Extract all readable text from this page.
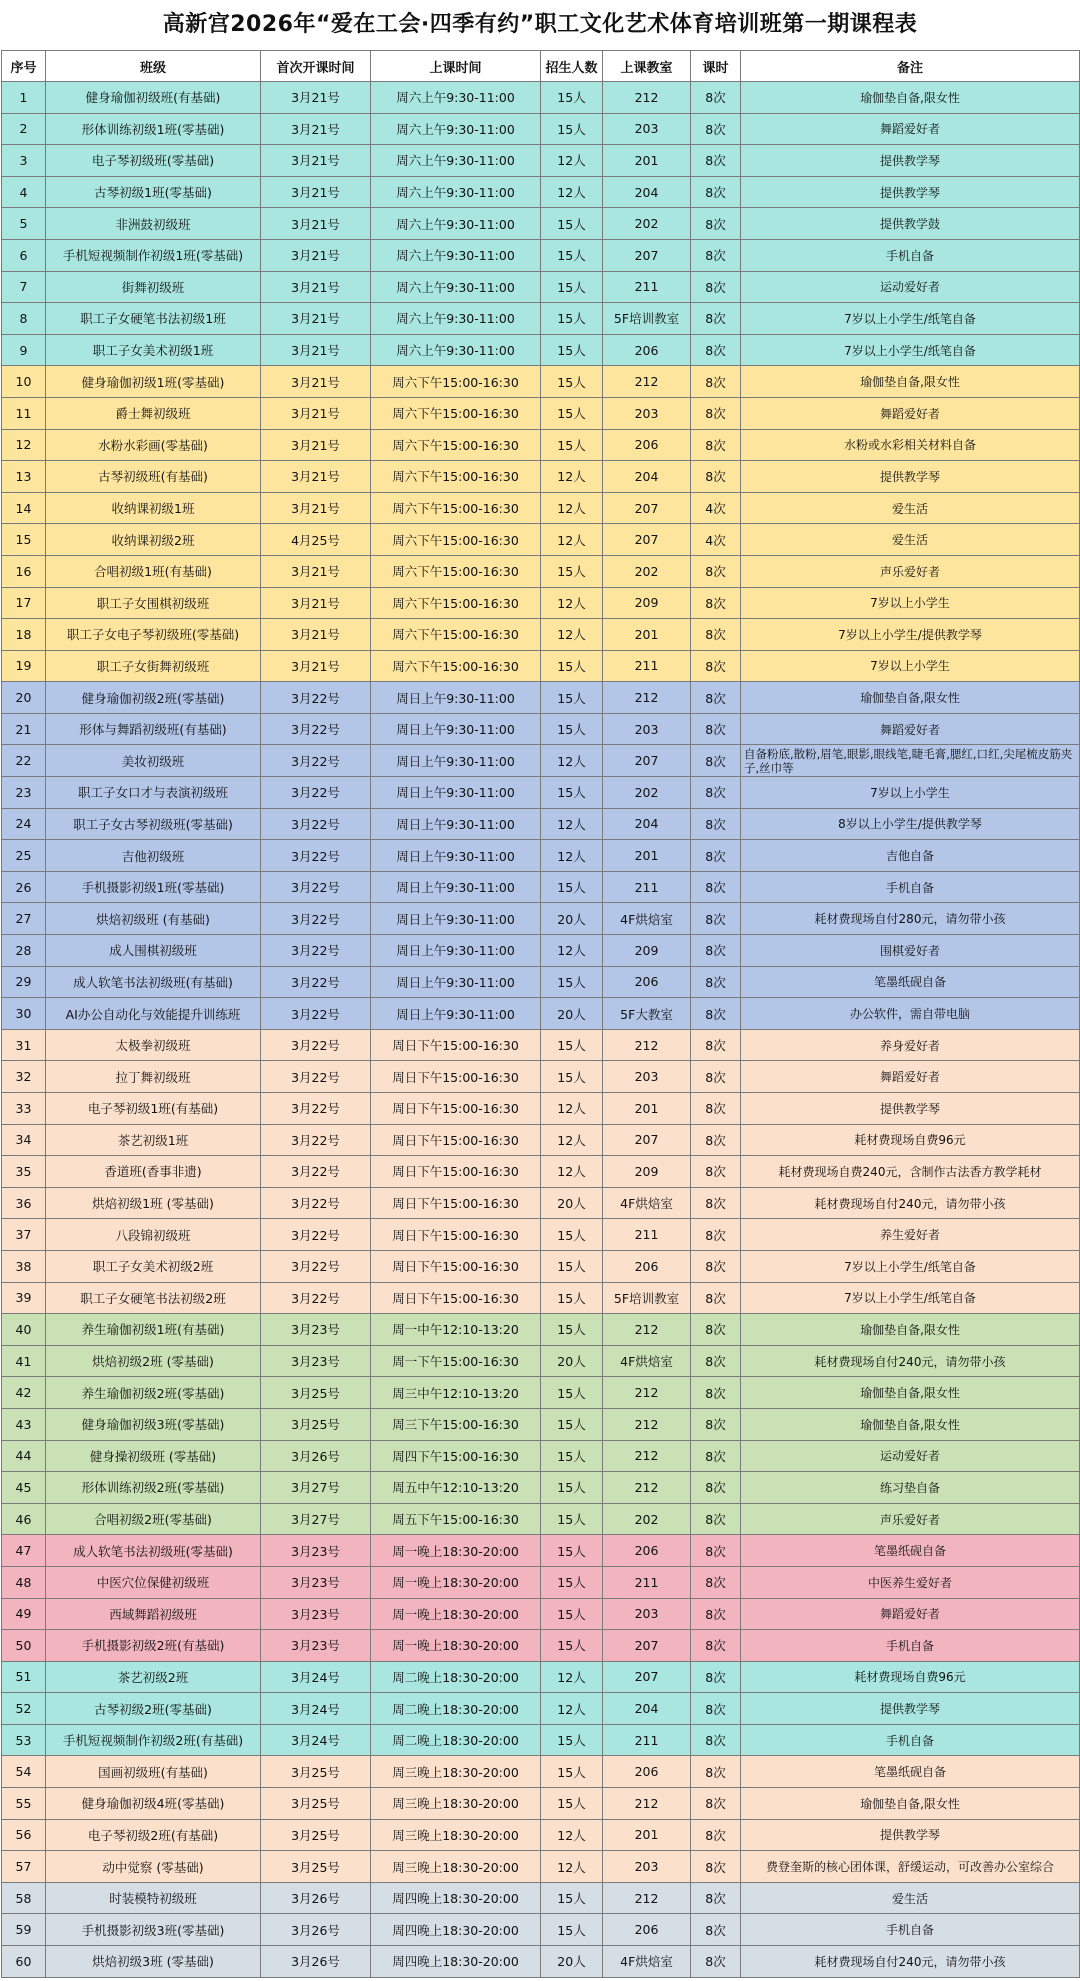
高新宫2026年“爱在工会·四季有约”职工文化艺术体育培训班第一期课程表
序号	班级	首次开课时间	上课时间	招生人数	上课教室	课时	备注
1	健身瑜伽初级班(有基础)	3月21号	周六上午9:30-11:00	15人	212	8次	瑜伽垫自备,限女性
2	形体训练初级1班(零基础)	3月21号	周六上午9:30-11:00	15人	203	8次	舞蹈爱好者
3	电子琴初级班(零基础)	3月21号	周六上午9:30-11:00	12人	201	8次	提供教学琴
4	古琴初级1班(零基础)	3月21号	周六上午9:30-11:00	12人	204	8次	提供教学琴
5	非洲鼓初级班	3月21号	周六上午9:30-11:00	15人	202	8次	提供教学鼓
6	手机短视频制作初级1班(零基础)	3月21号	周六上午9:30-11:00	15人	207	8次	手机自备
7	街舞初级班	3月21号	周六上午9:30-11:00	15人	211	8次	运动爱好者
8	职工子女硬笔书法初级1班	3月21号	周六上午9:30-11:00	15人	5F培训教室	8次	7岁以上小学生/纸笔自备
9	职工子女美术初级1班	3月21号	周六上午9:30-11:00	15人	206	8次	7岁以上小学生/纸笔自备
10	健身瑜伽初级1班(零基础)	3月21号	周六下午15:00-16:30	15人	212	8次	瑜伽垫自备,限女性
11	爵士舞初级班	3月21号	周六下午15:00-16:30	15人	203	8次	舞蹈爱好者
12	水粉水彩画(零基础)	3月21号	周六下午15:00-16:30	15人	206	8次	水粉或水彩相关材料自备
13	古琴初级班(有基础)	3月21号	周六下午15:00-16:30	12人	204	8次	提供教学琴
14	收纳课初级1班	3月21号	周六下午15:00-16:30	12人	207	4次	爱生活
15	收纳课初级2班	4月25号	周六下午15:00-16:30	12人	207	4次	爱生活
16	合唱初级1班(有基础)	3月21号	周六下午15:00-16:30	15人	202	8次	声乐爱好者
17	职工子女围棋初级班	3月21号	周六下午15:00-16:30	12人	209	8次	7岁以上小学生
18	职工子女电子琴初级班(零基础)	3月21号	周六下午15:00-16:30	12人	201	8次	7岁以上小学生/提供教学琴
19	职工子女街舞初级班	3月21号	周六下午15:00-16:30	15人	211	8次	7岁以上小学生
20	健身瑜伽初级2班(零基础)	3月22号	周日上午9:30-11:00	15人	212	8次	瑜伽垫自备,限女性
21	形体与舞蹈初级班(有基础)	3月22号	周日上午9:30-11:00	15人	203	8次	舞蹈爱好者
22	美妆初级班	3月22号	周日上午9:30-11:00	12人	207	8次	自备粉底,散粉,眉笔,眼影,眼线笔,睫毛膏,腮红,口红,尖尾梳皮筋夹子,丝巾等
23	职工子女口才与表演初级班	3月22号	周日上午9:30-11:00	15人	202	8次	7岁以上小学生
24	职工子女古琴初级班(零基础)	3月22号	周日上午9:30-11:00	12人	204	8次	8岁以上小学生/提供教学琴
25	吉他初级班	3月22号	周日上午9:30-11:00	12人	201	8次	吉他自备
26	手机摄影初级1班(零基础)	3月22号	周日上午9:30-11:00	15人	211	8次	手机自备
27	烘焙初级班 (有基础)	3月22号	周日上午9:30-11:00	20人	4F烘焙室	8次	耗材费现场自付280元，请勿带小孩
28	成人围棋初级班	3月22号	周日上午9:30-11:00	12人	209	8次	围棋爱好者
29	成人软笔书法初级班(有基础)	3月22号	周日上午9:30-11:00	15人	206	8次	笔墨纸砚自备
30	AI办公自动化与效能提升训练班	3月22号	周日上午9:30-11:00	20人	5F大教室	8次	办公软件，需自带电脑
31	太极拳初级班	3月22号	周日下午15:00-16:30	15人	212	8次	养身爱好者
32	拉丁舞初级班	3月22号	周日下午15:00-16:30	15人	203	8次	舞蹈爱好者
33	电子琴初级1班(有基础)	3月22号	周日下午15:00-16:30	12人	201	8次	提供教学琴
34	茶艺初级1班	3月22号	周日下午15:00-16:30	12人	207	8次	耗材费现场自费96元
35	香道班(香事非遗)	3月22号	周日下午15:00-16:30	12人	209	8次	耗材费现场自费240元，含制作古法香方教学耗材
36	烘焙初级1班 (零基础)	3月22号	周日下午15:00-16:30	20人	4F烘焙室	8次	耗材费现场自付240元，请勿带小孩
37	八段锦初级班	3月22号	周日下午15:00-16:30	15人	211	8次	养生爱好者
38	职工子女美术初级2班	3月22号	周日下午15:00-16:30	15人	206	8次	7岁以上小学生/纸笔自备
39	职工子女硬笔书法初级2班	3月22号	周日下午15:00-16:30	15人	5F培训教室	8次	7岁以上小学生/纸笔自备
40	养生瑜伽初级1班(有基础)	3月23号	周一中午12:10-13:20	15人	212	8次	瑜伽垫自备,限女性
41	烘焙初级2班 (零基础)	3月23号	周一下午15:00-16:30	20人	4F烘焙室	8次	耗材费现场自付240元，请勿带小孩
42	养生瑜伽初级2班(零基础)	3月25号	周三中午12:10-13:20	15人	212	8次	瑜伽垫自备,限女性
43	健身瑜伽初级3班(零基础)	3月25号	周三下午15:00-16:30	15人	212	8次	瑜伽垫自备,限女性
44	健身操初级班 (零基础)	3月26号	周四下午15:00-16:30	15人	212	8次	运动爱好者
45	形体训练初级2班(零基础)	3月27号	周五中午12:10-13:20	15人	212	8次	练习垫自备
46	合唱初级2班(零基础)	3月27号	周五下午15:00-16:30	15人	202	8次	声乐爱好者
47	成人软笔书法初级班(零基础)	3月23号	周一晚上18:30-20:00	15人	206	8次	笔墨纸砚自备
48	中医穴位保健初级班	3月23号	周一晚上18:30-20:00	15人	211	8次	中医养生爱好者
49	西域舞蹈初级班	3月23号	周一晚上18:30-20:00	15人	203	8次	舞蹈爱好者
50	手机摄影初级2班(有基础)	3月23号	周一晚上18:30-20:00	15人	207	8次	手机自备
51	茶艺初级2班	3月24号	周二晚上18:30-20:00	12人	207	8次	耗材费现场自费96元
52	古琴初级2班(零基础)	3月24号	周二晚上18:30-20:00	12人	204	8次	提供教学琴
53	手机短视频制作初级2班(有基础)	3月24号	周二晚上18:30-20:00	15人	211	8次	手机自备
54	国画初级班(有基础)	3月25号	周三晚上18:30-20:00	15人	206	8次	笔墨纸砚自备
55	健身瑜伽初级4班(零基础)	3月25号	周三晚上18:30-20:00	15人	212	8次	瑜伽垫自备,限女性
56	电子琴初级2班(有基础)	3月25号	周三晚上18:30-20:00	12人	201	8次	提供教学琴
57	动中觉察 (零基础)	3月25号	周三晚上18:30-20:00	12人	203	8次	费登奎斯的核心团体课，舒缓运动，可改善办公室综合
58	时装模特初级班	3月26号	周四晚上18:30-20:00	15人	212	8次	爱生活
59	手机摄影初级3班(零基础)	3月26号	周四晚上18:30-20:00	15人	206	8次	手机自备
60	烘焙初级3班 (零基础)	3月26号	周四晚上18:30-20:00	20人	4F烘焙室	8次	耗材费现场自付240元，请勿带小孩
